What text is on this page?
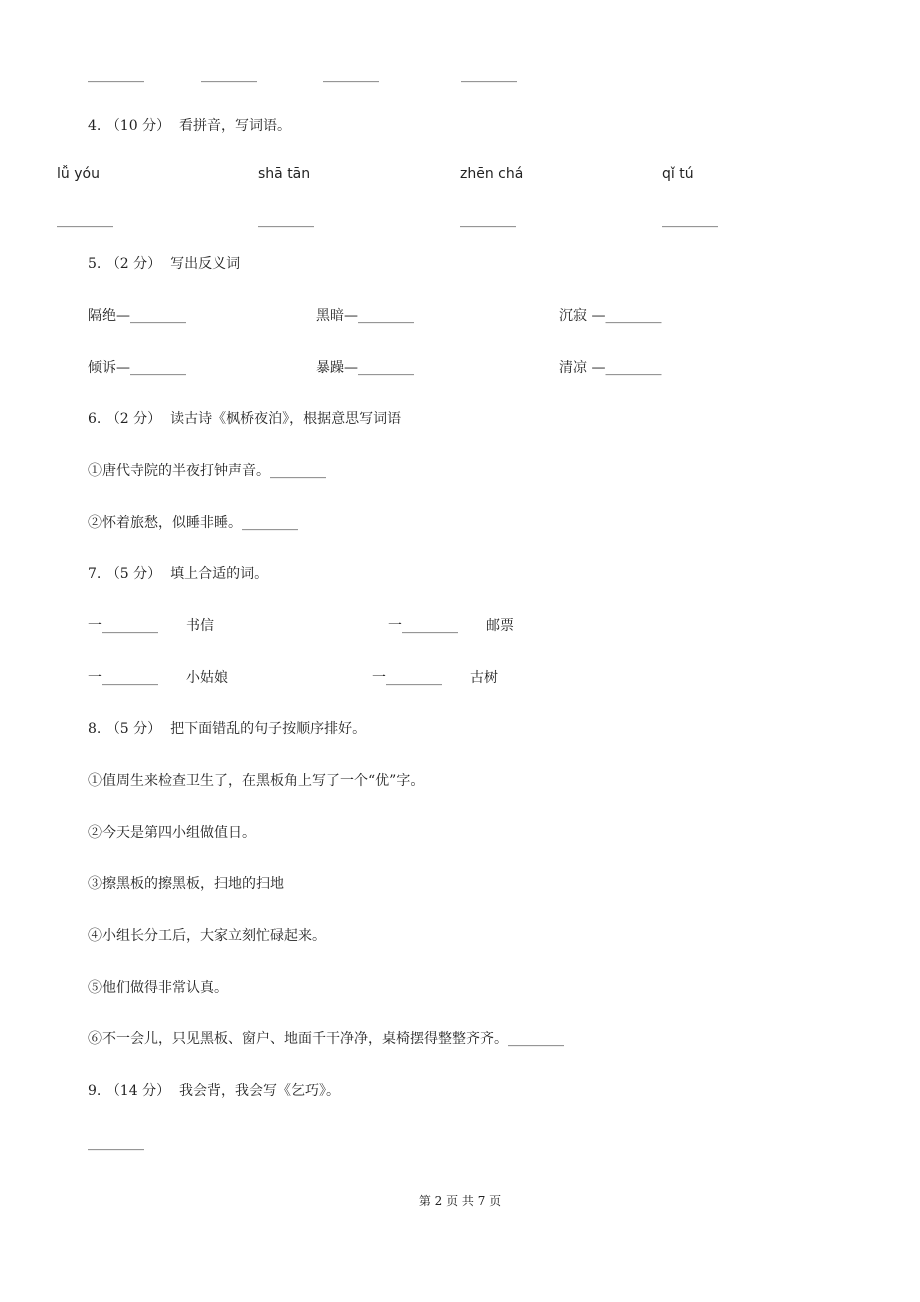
________	________	________	________
4. （10 分） 看拼音，写词语。
lǚ yóu	shā tān	zhēn chá	qǐ tú
________	________	________	________
5. （2 分） 写出反义词
隔绝—________	黑暗—________	沉寂 —________
倾诉—________	暴躁—________	清凉 —________
6. （2 分） 读古诗《枫桥夜泊》，根据意思写词语
①唐代寺院的半夜打钟声音。________
②怀着旅愁，似睡非睡。________
7. （5 分） 填上合适的词。
一________ 书信	一________ 邮票
一________ 小姑娘	一________ 古树
8. （5 分） 把下面错乱的句子按顺序排好。
①值周生来检查卫生了，在黑板角上写了一个“优”字。
②今天是第四小组做值日。
③擦黑板的擦黑板，扫地的扫地
④小组长分工后，大家立刻忙碌起来。
⑤他们做得非常认真。
⑥不一会儿，只见黑板、窗户、地面千干净净，桌椅摆得整整齐齐。________
9. （14 分） 我会背，我会写《乞巧》。
________
第 2 页 共 7 页
